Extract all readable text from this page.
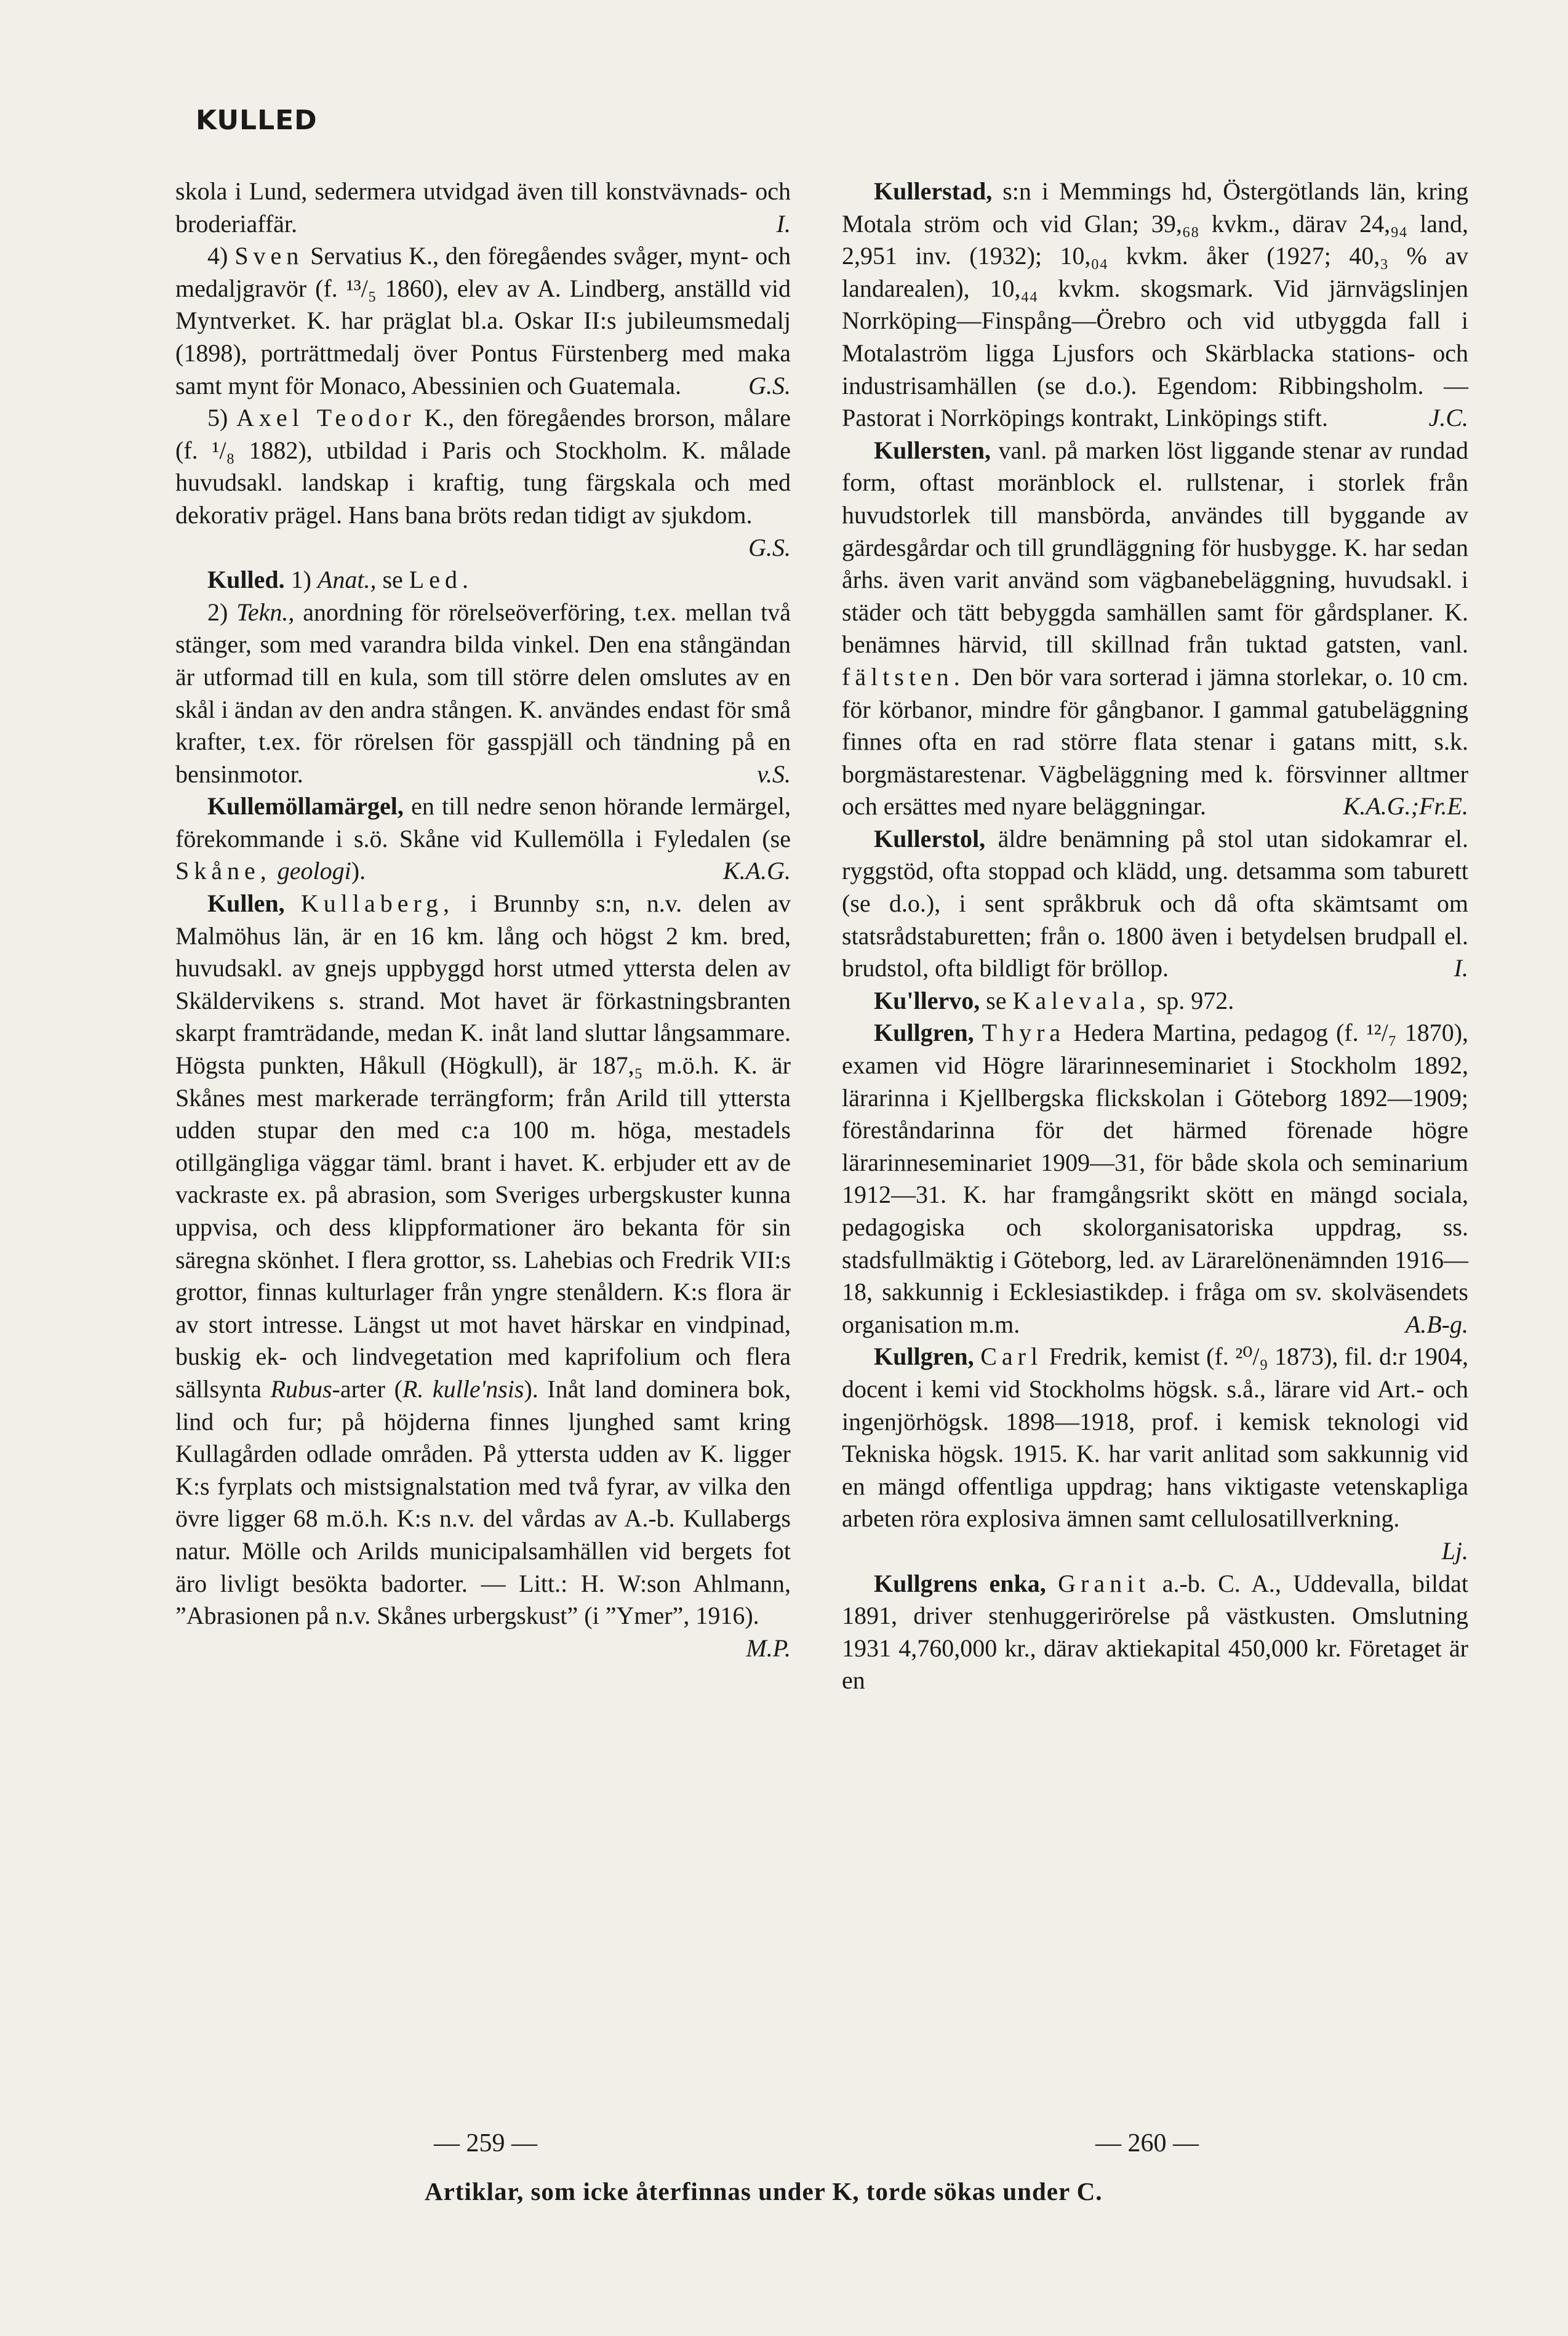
KULLED

skola i Lund, sedermera utvidgad även till konstvävnads- och broderiaffär.	I.

4) Sven Servatius K., den föregåendes svåger, mynt- och medaljgravör (f. ¹³/₅ 1860), elev av A. Lindberg, anställd vid Myntverket. K. har präglat bl.a. Oskar II:s jubileumsmedalj (1898), porträttmedalj över Pontus Fürstenberg med maka samt mynt för Monaco, Abessinien och Guatemala.	G.S.

5) Axel Teodor K., den föregåendes brorson, målare (f. ¹/₈ 1882), utbildad i Paris och Stockholm. K. målade huvudsakl. landskap i kraftig, tung färgskala och med dekorativ prägel. Hans bana bröts redan tidigt av sjukdom.
G.S.

Kulled. 1) Anat., se Led.

2) Tekn., anordning för rörelseöverföring, t.ex. mellan två stänger, som med varandra bilda vinkel. Den ena stångändan är utformad till en kula, som till större delen omslutes av en skål i ändan av den andra stången. K. användes endast för små krafter, t.ex. för rörelsen för gasspjäll och tändning på en bensinmotor.	v.S.

Kullemöllamärgel, en till nedre senon hörande lermärgel, förekommande i s.ö. Skåne vid Kullemölla i Fyledalen (se Skåne, geologi).	K.A.G.

Kullen, Kullaberg, i Brunnby s:n, n.v. delen av Malmöhus län, är en 16 km. lång och högst 2 km. bred, huvudsakl. av gnejs uppbyggd horst utmed yttersta delen av Skäldervikens s. strand. Mot havet är förkastningsbranten skarpt framträdande, medan K. inåt land sluttar långsammare. Högsta punkten, Håkull (Högkull), är 187,₅ m.ö.h. K. är Skånes mest markerade terrängform; från Arild till yttersta udden stupar den med c:a 100 m. höga, mestadels otillgängliga väggar täml. brant i havet. K. erbjuder ett av de vackraste ex. på abrasion, som Sveriges urbergskuster kunna uppvisa, och dess klippformationer äro bekanta för sin säregna skönhet. I flera grottor, ss. Lahebias och Fredrik VII:s grottor, finnas kulturlager från yngre stenåldern. K:s flora är av stort intresse. Längst ut mot havet härskar en vindpinad, buskig ek- och lindvegetation med kaprifolium och flera sällsynta Rubus-arter (R. kulle'nsis). Inåt land dominera bok, lind och fur; på höjderna finnes ljunghed samt kring Kullagården odlade områden. På yttersta udden av K. ligger K:s fyrplats och mistsignalstation med två fyrar, av vilka den övre ligger 68 m.ö.h. K:s n.v. del vårdas av A.-b. Kullabergs natur. Mölle och Arilds municipalsamhällen vid bergets fot äro livligt besökta badorter. — Litt.: H. W:son Ahlmann, ”Abrasionen på n.v. Skånes urbergskust” (i ”Ymer”, 1916).
M.P.

Kullerstad, s:n i Memmings hd, Östergötlands län, kring Motala ström och vid Glan; 39,₆₈ kvkm., därav 24,₉₄ land, 2,951 inv. (1932); 10,₀₄ kvkm. åker (1927; 40,₃ % av landarealen), 10,₄₄ kvkm. skogsmark. Vid järnvägslinjen Norrköping—Finspång—Örebro och vid utbyggda fall i Motalaström ligga Ljusfors och Skärblacka stations- och industrisamhällen (se d.o.). Egendom: Ribbingsholm. — Pastorat i Norrköpings kontrakt, Linköpings stift.	J.C.

Kullersten, vanl. på marken löst liggande stenar av rundad form, oftast moränblock el. rullstenar, i storlek från huvudstorlek till mansbörda, användes till byggande av gärdesgårdar och till grundläggning för husbygge. K. har sedan århs. även varit använd som vägbanebeläggning, huvudsakl. i städer och tätt bebyggda samhällen samt för gårdsplaner. K. benämnes härvid, till skillnad från tuktad gatsten, vanl. fältsten. Den bör vara sorterad i jämna storlekar, o. 10 cm. för körbanor, mindre för gångbanor. I gammal gatubeläggning finnes ofta en rad större flata stenar i gatans mitt, s.k. borgmästarestenar. Vägbeläggning med k. försvinner alltmer och ersättes med nyare beläggningar.	K.A.G.;Fr.E.

Kullerstol, äldre benämning på stol utan sidokamrar el. ryggstöd, ofta stoppad och klädd, ung. detsamma som taburett (se d.o.), i sent språkbruk och då ofta skämtsamt om statsrådstaburetten; från o. 1800 även i betydelsen brudpall el. brudstol, ofta bildligt för bröllop.	I.

Ku'llervo, se Kalevala, sp. 972.

Kullgren, Thyra Hedera Martina, pedagog (f. ¹²/₇ 1870), examen vid Högre lärarinneseminariet i Stockholm 1892, lärarinna i Kjellbergska flickskolan i Göteborg 1892—1909; föreståndarinna för det härmed förenade högre lärarinneseminariet 1909—31, för både skola och seminarium 1912—31. K. har framgångsrikt skött en mängd sociala, pedagogiska och skolorganisatoriska uppdrag, ss. stadsfullmäktig i Göteborg, led. av Lärarelönenämnden 1916—18, sakkunnig i Ecklesiastikdep. i fråga om sv. skolväsendets organisation m.m.	A.B-g.

Kullgren, Carl Fredrik, kemist (f. ²⁰/₉ 1873), fil. d:r 1904, docent i kemi vid Stockholms högsk. s.å., lärare vid Art.- och ingenjörhögsk. 1898—1918, prof. i kemisk teknologi vid Tekniska högsk. 1915. K. har varit anlitad som sakkunnig vid en mängd offentliga uppdrag; hans viktigaste vetenskapliga arbeten röra explosiva ämnen samt cellulosatillverkning.
Lj.

Kullgrens enka, Granit a.-b. C. A., Uddevalla, bildat 1891, driver stenhuggerirörelse på västkusten. Omslutning 1931 4,760,000 kr., därav aktiekapital 450,000 kr. Företaget är en

— 259 —	— 260 —
Artiklar, som icke återfinnas under K, torde sökas under C.
